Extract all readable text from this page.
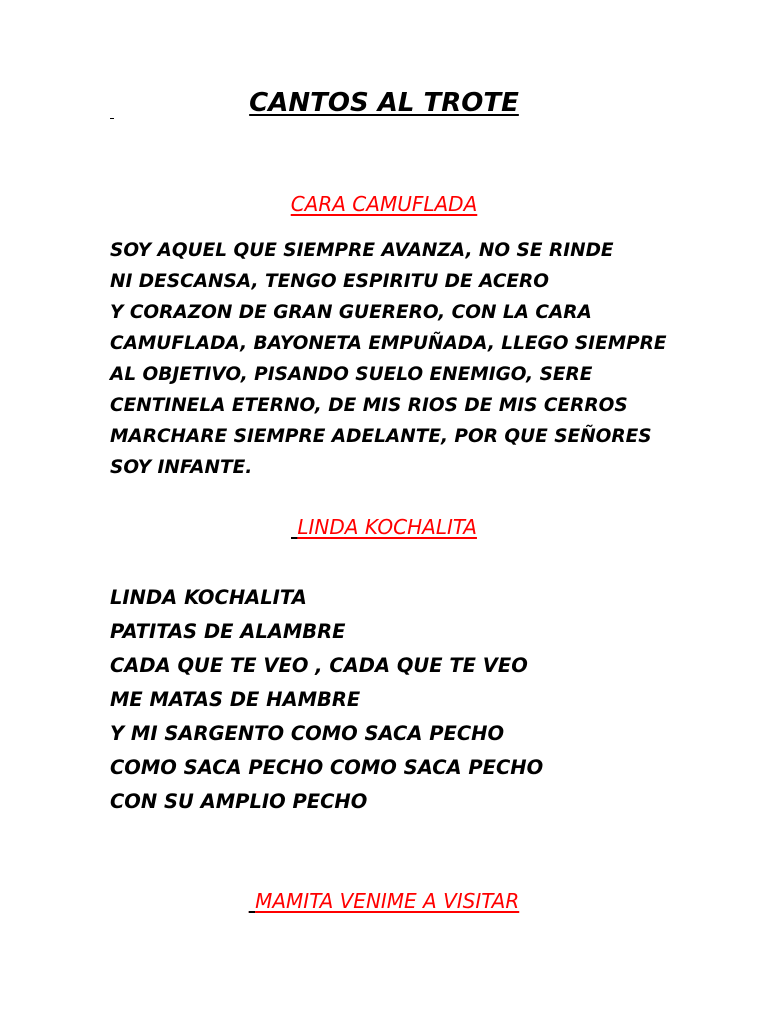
CANTOS AL TROTE
CARA CAMUFLADA
SOY AQUEL QUE SIEMPRE AVANZA, NO SE RINDE
NI DESCANSA, TENGO ESPIRITU DE ACERO
Y CORAZON DE GRAN GUERERO, CON LA CARA
CAMUFLADA, BAYONETA EMPUÑADA, LLEGO SIEMPRE
AL OBJETIVO, PISANDO SUELO ENEMIGO, SERE
CENTINELA ETERNO, DE MIS RIOS DE MIS CERROS
MARCHARE SIEMPRE ADELANTE, POR QUE SEÑORES
SOY INFANTE.
LINDA KOCHALITA
LINDA KOCHALITA
PATITAS DE ALAMBRE
CADA QUE TE VEO , CADA QUE TE VEO
ME MATAS DE HAMBRE
Y MI SARGENTO COMO SACA PECHO
COMO SACA PECHO COMO SACA PECHO
CON SU AMPLIO PECHO
MAMITA VENIME A VISITAR
